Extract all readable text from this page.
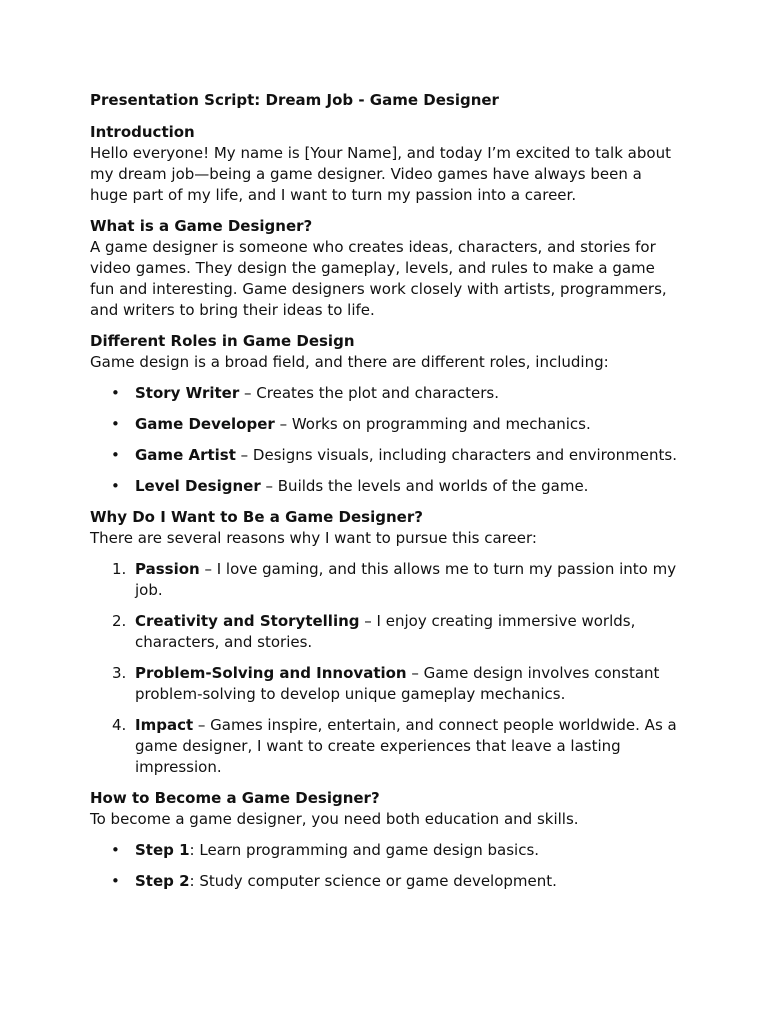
Presentation Script: Dream Job - Game Designer
Introduction
Hello everyone! My name is [Your Name], and today I’m excited to talk about my dream job—being a game designer. Video games have always been a huge part of my life, and I want to turn my passion into a career.
What is a Game Designer?
A game designer is someone who creates ideas, characters, and stories for video games. They design the gameplay, levels, and rules to make a game fun and interesting. Game designers work closely with artists, programmers, and writers to bring their ideas to life.
Different Roles in Game Design
Game design is a broad field, and there are different roles, including:
• Story Writer – Creates the plot and characters.
• Game Developer – Works on programming and mechanics.
• Game Artist – Designs visuals, including characters and environments.
• Level Designer – Builds the levels and worlds of the game.
Why Do I Want to Be a Game Designer?
There are several reasons why I want to pursue this career:
1. Passion – I love gaming, and this allows me to turn my passion into my job.
2. Creativity and Storytelling – I enjoy creating immersive worlds, characters, and stories.
3. Problem-Solving and Innovation – Game design involves constant problem-solving to develop unique gameplay mechanics.
4. Impact – Games inspire, entertain, and connect people worldwide. As a game designer, I want to create experiences that leave a lasting impression.
How to Become a Game Designer?
To become a game designer, you need both education and skills.
• Step 1: Learn programming and game design basics.
• Step 2: Study computer science or game development.
